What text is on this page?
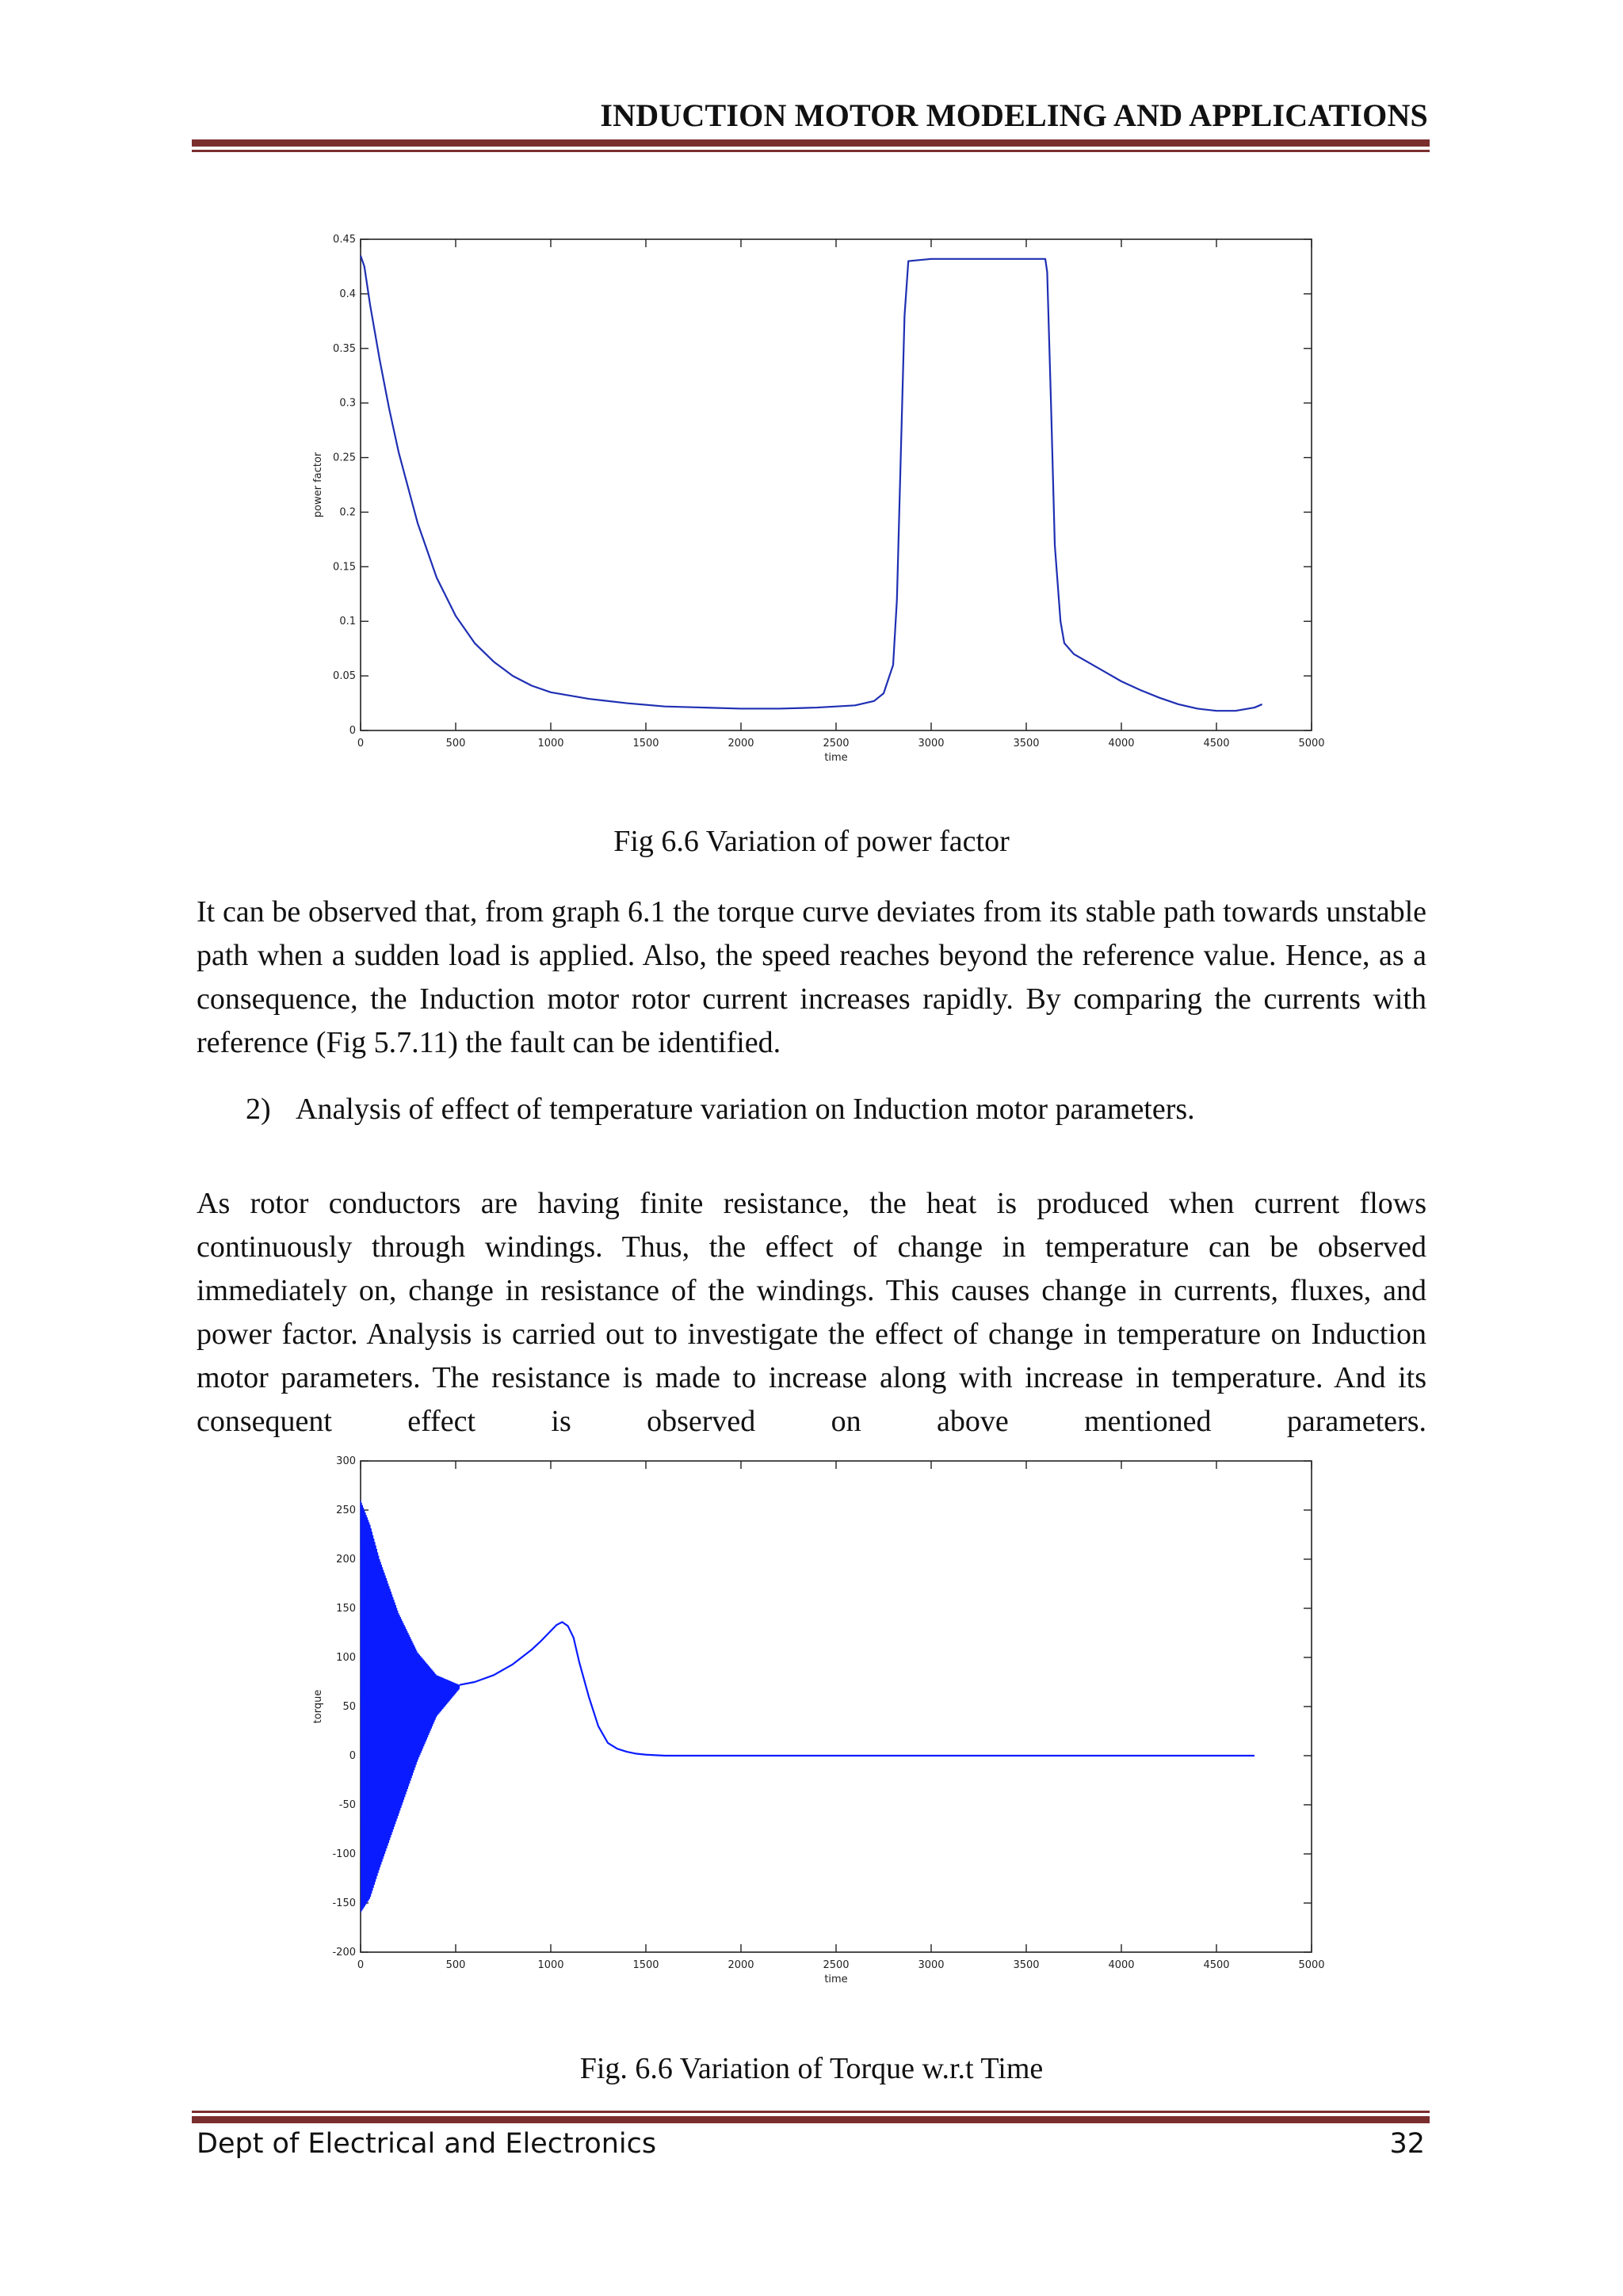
INDUCTION MOTOR MODELING AND APPLICATIONS
0	500	1000	1500	2000	2500	3000	3500	4000	4500	5000
0
0.05
0.1
0.15
0.2
0.25
0.3
0.35
0.4
0.45
time
power factor
Fig 6.6 Variation of power factor

It can be observed that, from graph 6.1 the torque curve deviates from its stable path towards unstable path when a sudden load is applied. Also, the speed reaches beyond the reference value. Hence, as a consequence, the Induction motor rotor current increases rapidly. By comparing the currents with reference (Fig 5.7.11) the fault can be identified.

2) Analysis of effect of temperature variation on Induction motor parameters.

As rotor conductors are having finite resistance, the heat is produced when current flows continuously through windings. Thus, the effect of change in temperature can be observed immediately on, change in resistance of the windings. This causes change in currents, fluxes, and power factor. Analysis is carried out to investigate the effect of change in temperature on Induction motor parameters. The resistance is made to increase along with increase in temperature. And its consequent effect is observed on above mentioned parameters.

0	500	1000	1500	2000	2500	3000	3500	4000	4500	5000
-200
-150
-100
-50
0
50
100
150
200
250
300
time
torque
Fig. 6.6 Variation of Torque w.r.t Time
Dept of Electrical and Electronics	32
